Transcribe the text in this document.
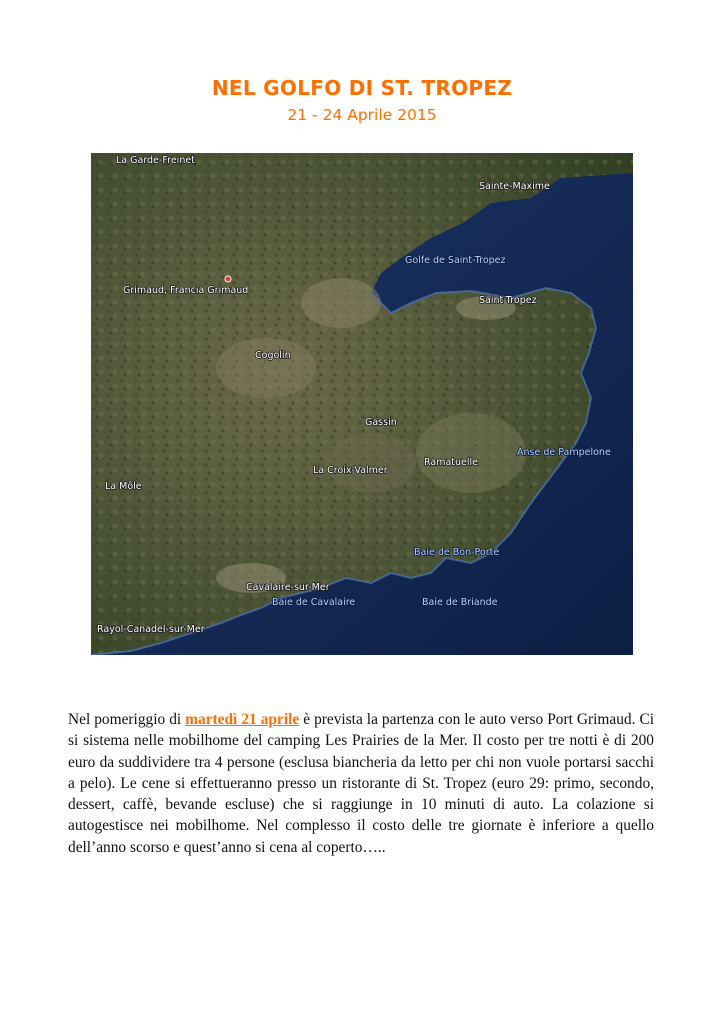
NEL GOLFO DI ST. TROPEZ
21 - 24 Aprile 2015
La Garde-Freinet
Sainte-Maxime
Golfe de Saint-Tropez
Grimaud, Francia Grimaud
Saint-Tropez
Cogolin
Gassin
Ramatuelle
Anse de Pampelone
La Croix-Valmer
La Môle
Baie de Bon-Porte
Cavalaire-sur-Mer
Baie de Cavalaire	Baie de Briande
Rayol-Canadel-sur-Mer
Nel pomeriggio di martedì 21 aprile è prevista la partenza con le auto verso Port Grimaud. Ci si sistema nelle mobilhome del camping Les Prairies de la Mer. Il costo per tre notti è di 200 euro da suddividere tra 4 persone (esclusa biancheria da letto per chi non vuole portarsi sacchi a pelo). Le cene si effettueranno presso un ristorante di St. Tropez (euro 29: primo, secondo, dessert, caffè, bevande escluse) che si raggiunge in 10 minuti di auto. La colazione si autogestisce nei mobilhome. Nel complesso il costo delle tre giornate è inferiore a quello dell’anno scorso e quest’anno si cena al coperto…..
